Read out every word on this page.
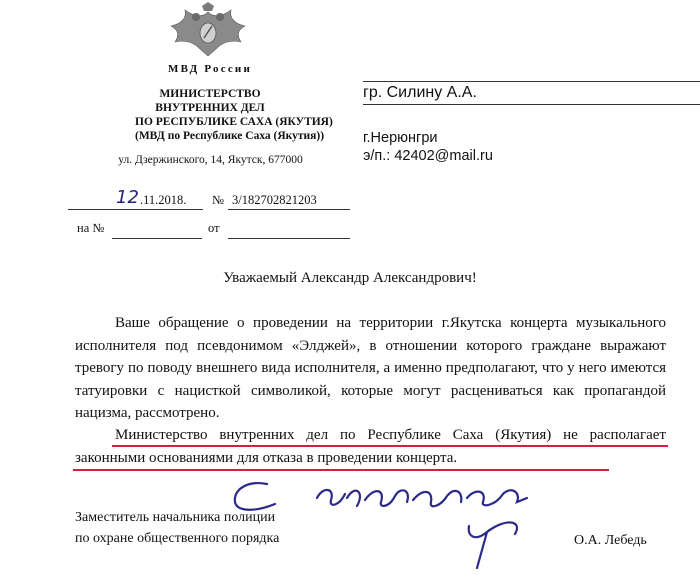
МВД России
МИНИСТЕРСТВО
ВНУТРЕННИХ ДЕЛ
ПО РЕСПУБЛИКЕ САХА (ЯКУТИЯ)
(МВД по Республике Саха (Якутия))
ул. Дзержинского, 14, Якутск, 677000
гр. Силину А.А.
г.Нерюнгри
э/п.: 42402@mail.ru
12 .11.2018. № 3/182702821203
на №	от
Уважаемый Александр Александрович!

Ваше обращение о проведении на территории г.Якутска концерта музыкального исполнителя под псевдонимом «Элджей», в отношении которого граждане выражают тревогу по поводу внешнего вида исполнителя, а именно предполагают, что у него имеются татуировки с нацисткой символикой, которые могут расцениваться как пропагандой нацизма, рассмотрено.

Министерство внутренних дел по Республике Саха (Якутия) не располагает законными основаниями для отказа в проведении концерта.

Заместитель начальника полиции
по охране общественного порядка	О.А. Лебедь
